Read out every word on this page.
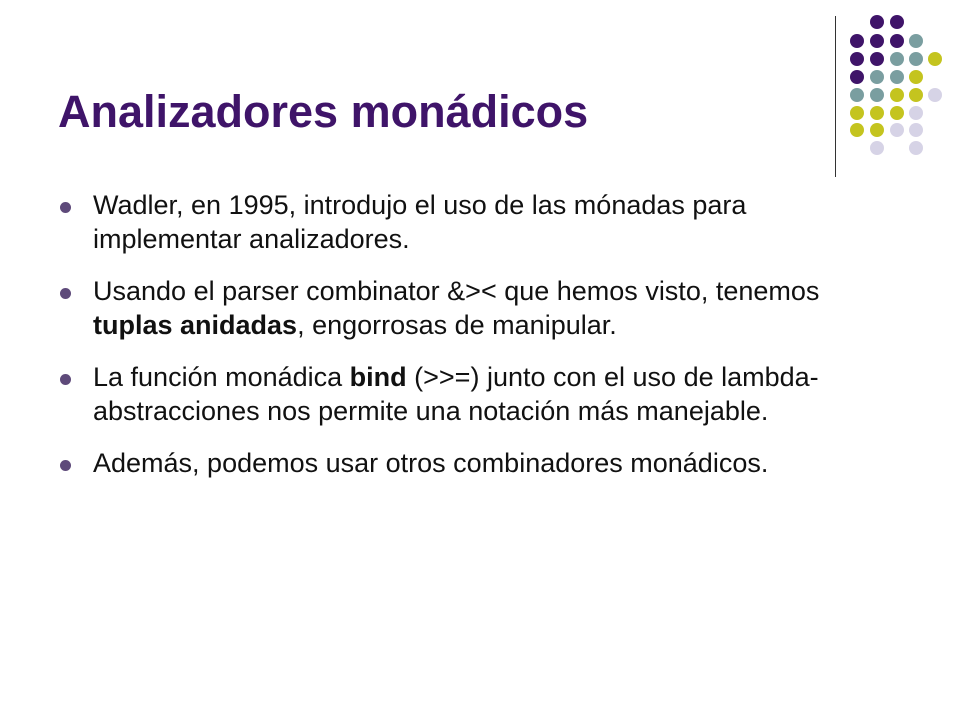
Analizadores monádicos
Wadler, en 1995, introdujo el uso de las mónadas para implementar analizadores.
Usando el parser combinator &>< que hemos visto, tenemos tuplas anidadas, engorrosas de manipular.
La función monádica bind (>>=) junto con el uso de lambda-abstracciones nos permite una notación más manejable.
Además, podemos usar otros combinadores monádicos.
